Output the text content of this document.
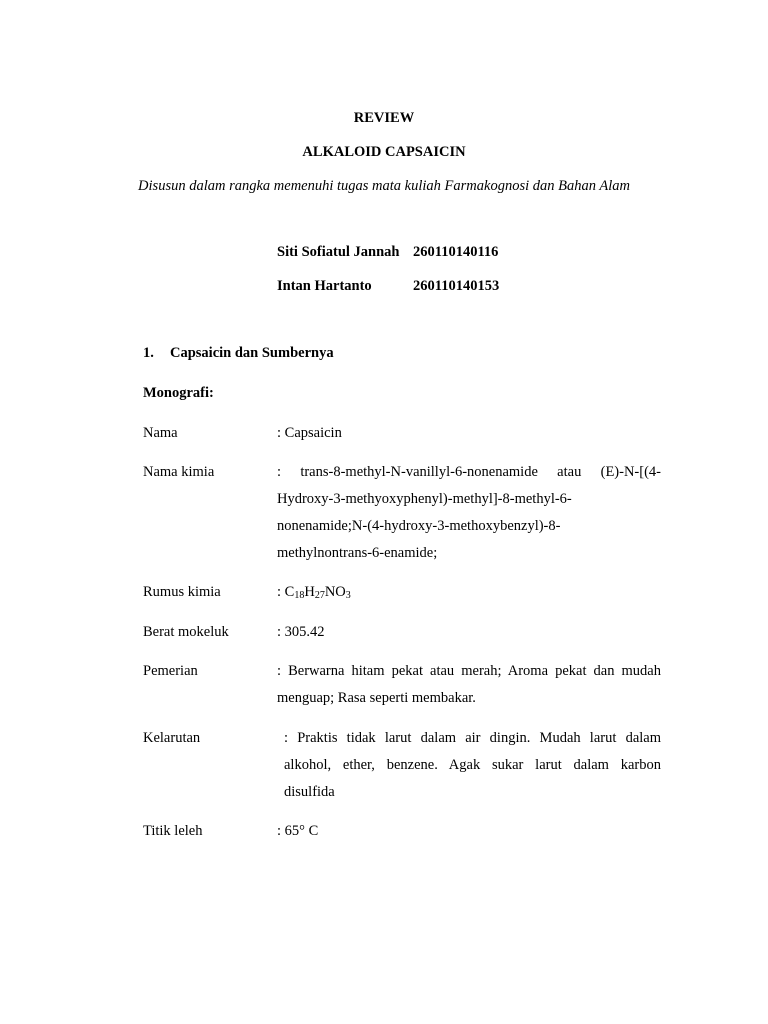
REVIEW
ALKALOID CAPSAICIN
Disusun dalam rangka memenuhi tugas mata kuliah Farmakognosi dan Bahan Alam
Siti Sofiatul Jannah 260110140116
Intan Hartanto	260110140153
1. Capsaicin dan Sumbernya
Monografi:
Nama	: Capsaicin
Nama kimia	: trans-8-methyl-N-vanillyl-6-nonenamide atau (E)-N-[(4-
Hydroxy-3-methyoxyphenyl)-methyl]-8-methyl-6-
nonenamide;N-(4-hydroxy-3-methoxybenzyl)-8-
methylnontrans-6-enamide;
Rumus kimia	: $C_{18}H_{27}NO_3$
Berat mokeluk	: 305.42
Pemerian	: Berwarna hitam pekat atau merah; Aroma pekat dan mudah
menguap; Rasa seperti membakar.
Kelarutan	: Praktis tidak larut dalam air dingin. Mudah larut dalam
alkohol, ether, benzene. Agak sukar larut dalam karbon
disulfida
Titik leleh	: 65° C
